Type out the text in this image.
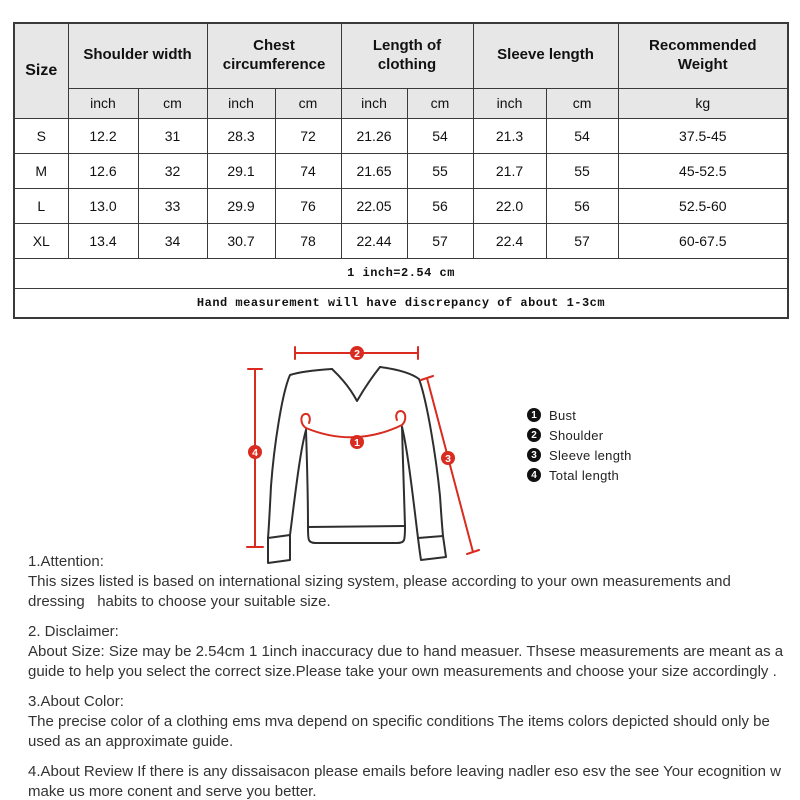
Size	Shoulder width		Chest circumference		Length of clothing		Sleeve length		Recommended Weight
	inch	cm	inch	cm	inch	cm	inch	cm	kg
S	12.2	31	28.3	72	21.26	54	21.3	54	37.5-45
M	12.6	32	29.1	74	21.65	55	21.7	55	45-52.5
L	13.0	33	29.9	76	22.05	56	22.0	56	52.5-60
XL	13.4	34	30.7	78	22.44	57	22.4	57	60-67.5
1 inch=2.54 cm									
Hand measurement will have discrepancy of about 1-3cm									
1
2
3
4
1 Bust
2 Shoulder
3 Sleeve length
4 Total length
1.Attention:
This sizes listed is based on international sizing system, please according to your own measurements and dressing   habits to choose your suitable size.
2. Disclaimer:
About Size: Size may be 2.54cm 1 1inch inaccuracy due to hand measuer. Thsese measurements are meant as a   guide to help you select the correct size.Please take your own measurements and choose your size accordingly .
3.About Color:
The precise color of a clothing ems mva depend on specific conditions The items colors depicted should only be   used as an approximate guide.
4.About Review If there is any dissaisacon please emails before leaving nadler eso esv the see Your ecognition w   make us more conent and serve you better.
